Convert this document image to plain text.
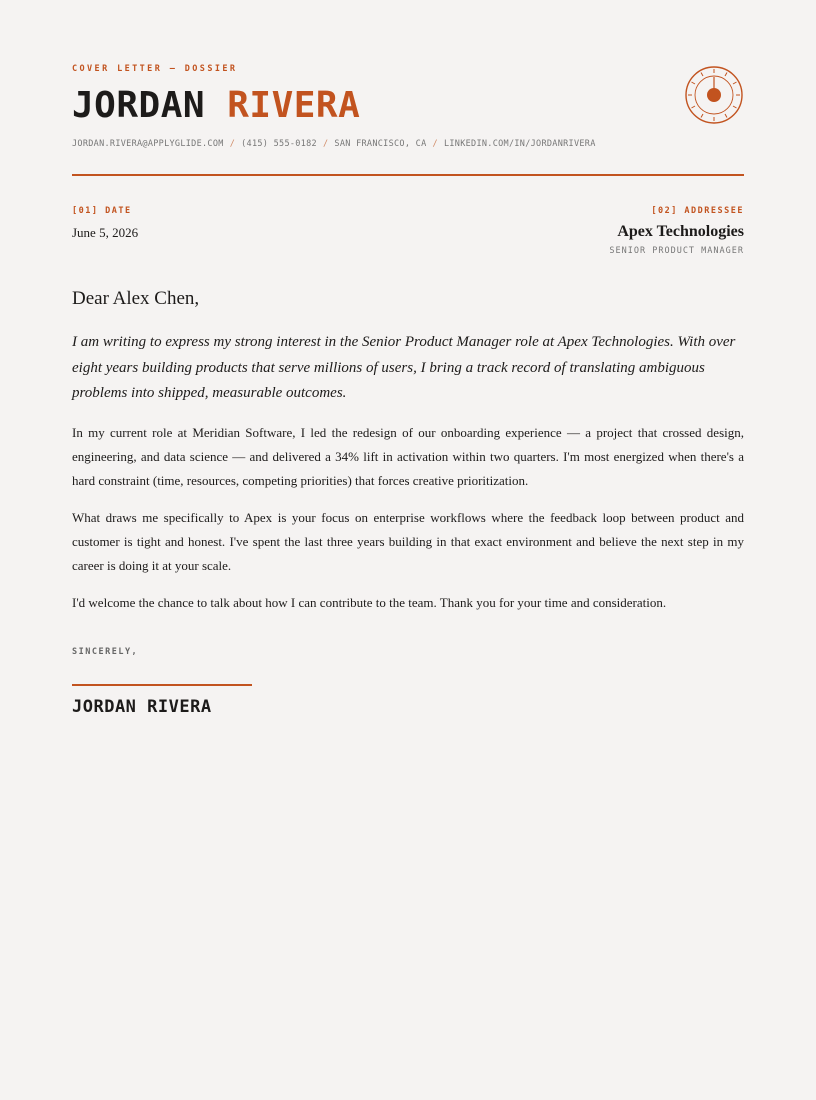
COVER LETTER — DOSSIER
JORDAN RIVERA
JORDAN.RIVERA@APPLYGLIDE.COM / (415) 555-0182 / SAN FRANCISCO, CA / LINKEDIN.COM/IN/JORDANRIVERA
[01] DATE
June 5, 2026
[02] ADDRESSEE
Apex Technologies
SENIOR PRODUCT MANAGER
Dear Alex Chen,

I am writing to express my strong interest in the Senior Product Manager role at Apex Technologies. With over eight years building products that serve millions of users, I bring a track record of translating ambiguous problems into shipped, measurable outcomes.

In my current role at Meridian Software, I led the redesign of our onboarding experience — a project that crossed design, engineering, and data science — and delivered a 34% lift in activation within two quarters. I'm most energized when there's a hard constraint (time, resources, competing priorities) that forces creative prioritization.

What draws me specifically to Apex is your focus on enterprise workflows where the feedback loop between product and customer is tight and honest. I've spent the last three years building in that exact environment and believe the next step in my career is doing it at your scale.

I'd welcome the chance to talk about how I can contribute to the team. Thank you for your time and consideration.

SINCERELY,
JORDAN RIVERA
